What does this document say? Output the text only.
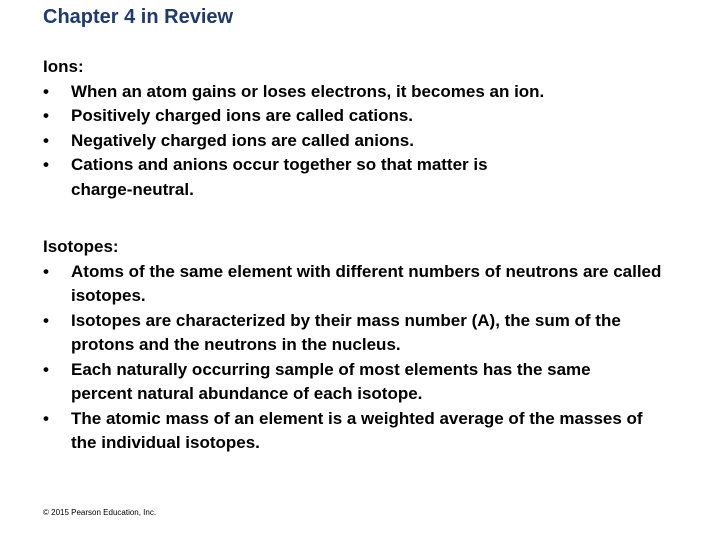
Chapter 4 in Review
Ions:
• When an atom gains or loses electrons, it becomes an ion.
• Positively charged ions are called cations.
• Negatively charged ions are called anions.
• Cations and anions occur together so that matter is charge-neutral.
Isotopes:
• Atoms of the same element with different numbers of neutrons are called isotopes.
• Isotopes are characterized by their mass number (A), the sum of the protons and the neutrons in the nucleus.
• Each naturally occurring sample of most elements has the same percent natural abundance of each isotope.
• The atomic mass of an element is a weighted average of the masses of the individual isotopes.
© 2015 Pearson Education, Inc.
